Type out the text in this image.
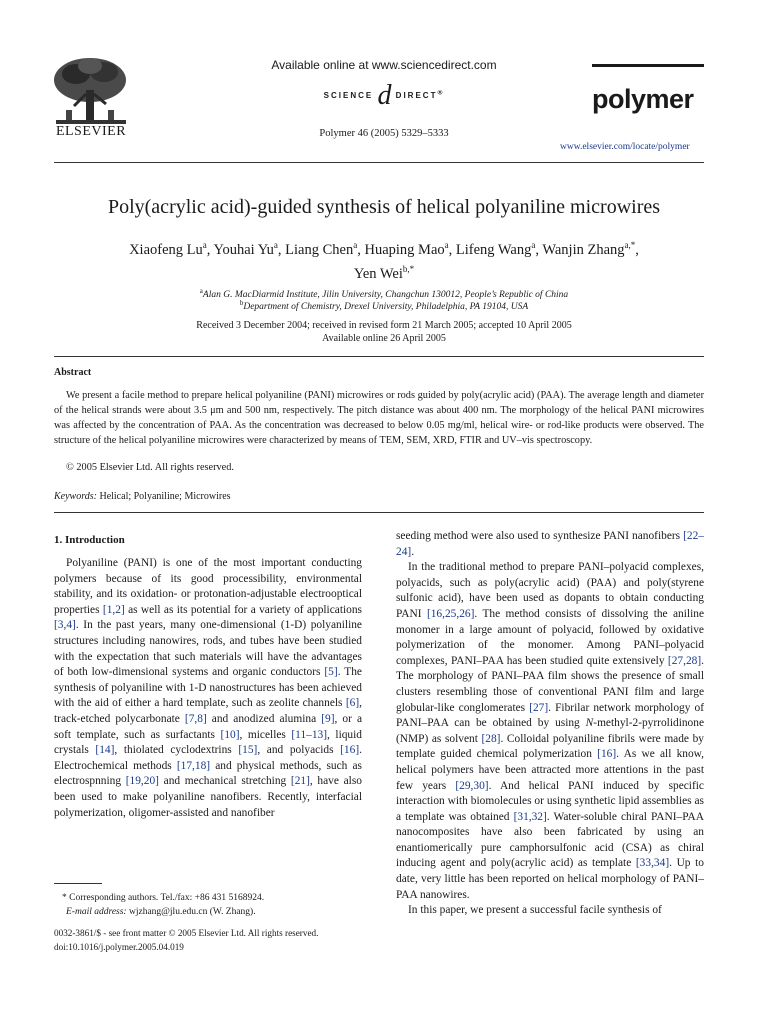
ELSEVIER
Available online at www.sciencedirect.com
SCIENCE d DIRECT®
Polymer 46 (2005) 5329–5333
polymer
www.elsevier.com/locate/polymer
Poly(acrylic acid)-guided synthesis of helical polyaniline microwires
Xiaofeng Lu$^a$, Youhai Yu$^a$, Liang Chen$^a$, Huaping Mao$^a$, Lifeng Wang$^a$, Wanjin Zhang$^{a,*}$,
Yen Wei$^{b,*}$
$^a$Alan G. MacDiarmid Institute, Jilin University, Changchun 130012, People’s Republic of China
$^b$Department of Chemistry, Drexel University, Philadelphia, PA 19104, USA
Received 3 December 2004; received in revised form 21 March 2005; accepted 10 April 2005
Available online 26 April 2005
Abstract
We present a facile method to prepare helical polyaniline (PANI) microwires or rods guided by poly(acrylic acid) (PAA). The average length and diameter of the helical strands were about 3.5 μm and 500 nm, respectively. The pitch distance was about 400 nm. The morphology of the helical PANI microwires was affected by the concentration of PAA. As the concentration was decreased to below 0.05 mg/ml, helical wire- or rod-like products were observed. The structure of the helical polyaniline microwires were characterized by means of TEM, SEM, XRD, FTIR and UV–vis spectroscopy.
© 2005 Elsevier Ltd. All rights reserved.
Keywords: Helical; Polyaniline; Microwires
1. Introduction

Polyaniline (PANI) is one of the most important conducting polymers because of its good processibility, environmental stability, and its oxidation- or protonation-adjustable electrooptical properties [1,2] as well as its potential for a variety of applications [3,4]. In the past years, many one-dimensional (1-D) polyaniline structures including nanowires, rods, and tubes have been studied with the expectation that such materials will have the advantages of both low-dimensional systems and organic conductors [5]. The synthesis of polyaniline with 1-D nanostructures has been achieved with the aid of either a hard template, such as zeolite channels [6], track-etched polycarbonate [7,8] and anodized alumina [9], or a soft template, such as surfactants [10], micelles [11–13], liquid crystals [14], thiolated cyclodextrins [15], and polyacids [16]. Electrochemical methods [17,18] and physical methods, such as electrospnning [19,20] and mechanical stretching [21], have also been used to make polyaniline nanofibers. Recently, interfacial polymerization, oligomer-assisted and nanofiber

seeding method were also used to synthesize PANI nanofibers [22–24].

In the traditional method to prepare PANI–polyacid complexes, polyacids, such as poly(acrylic acid) (PAA) and poly(styrene sulfonic acid), have been used as dopants to obtain conducting PANI [16,25,26]. The method consists of dissolving the aniline monomer in a large amount of polyacid, followed by oxidative polymerization of the monomer. Among PANI–polyacid complexes, PANI–PAA has been studied quite extensively [27,28]. The morphology of PANI–PAA film shows the presence of small clusters resembling those of conventional PANI film and large globular-like conglomerates [27]. Fibrilar network morphology of PANI–PAA can be obtained by using N-methyl-2-pyrrolidinone (NMP) as solvent [28]. Colloidal polyaniline fibrils were made by template guided chemical polymerization [16]. As we all know, helical polymers have been attracted more attentions in the past few years [29,30]. And helical PANI induced by specific interaction with biomolecules or using synthetic lipid assemblies as a template was obtained [31,32]. Water-soluble chiral PANI–PAA nanocomposites have also been fabricated by using an enantiomerically pure camphorsulfonic acid (CSA) as chiral inducing agent and poly(acrylic acid) as template [33,34]. Up to date, very little has been reported on helical morphology of PANI–PAA nanowires.

In this paper, we present a successful facile synthesis of

* Corresponding authors. Tel./fax: +86 431 5168924.
E-mail address: wjzhang@jlu.edu.cn (W. Zhang).
0032-3861/$ - see front matter © 2005 Elsevier Ltd. All rights reserved.
doi:10.1016/j.polymer.2005.04.019
